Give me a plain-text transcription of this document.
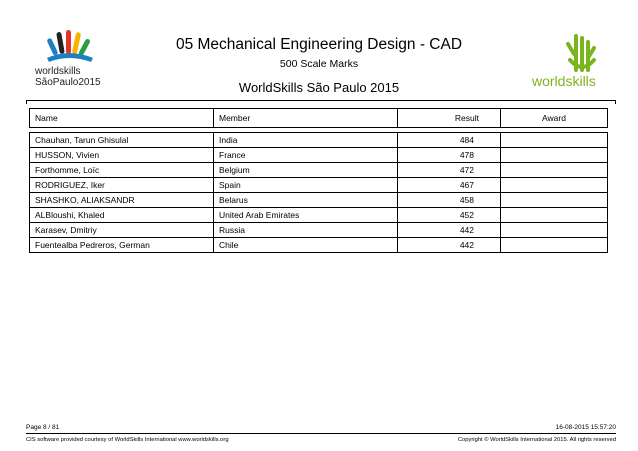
worldskills
SãoPaulo2015	worldskills
05 Mechanical Engineering Design - CAD
500 Scale Marks
WorldSkills São Paulo 2015
Name	Member	Result	Award

Chauhan, Tarun Ghisulal	India	484	
HUSSON, Vivien	France	478	
Forthomme, Loïc	Belgium	472	
RODRIGUEZ, Iker	Spain	467	
SHASHKO, ALIAKSANDR	Belarus	458	
ALBloushi, Khaled	United Arab Emirates	452	
Karasev, Dmitriy	Russia	442	
Fuentealba Pedreros, German	Chile	442	
Page 8 / 81	16-08-2015 15:57:20
CIS software provided courtesy of WorldSkills International www.worldskills.org	Copyright © WorldSkills International 2015. All rights reserved
